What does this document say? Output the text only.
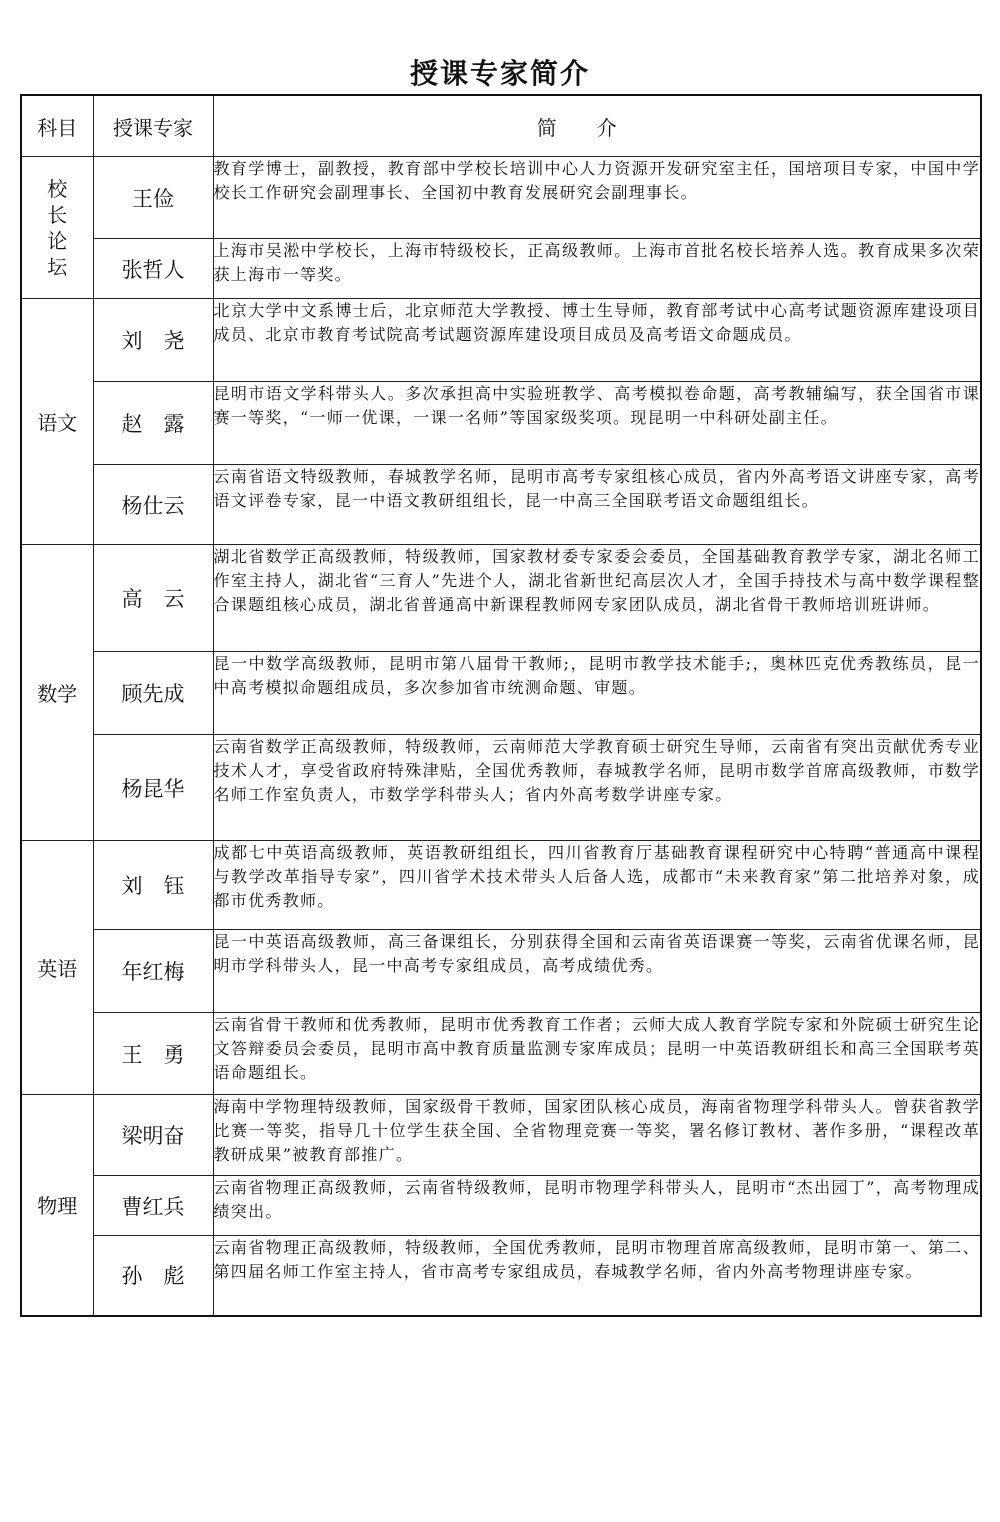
授课专家简介
科目	授课专家	简介
校长论坛	王俭	教育学博士，副教授，教育部中学校长培训中心人力资源开发研究室主任，国培项目专家，中国中学校长工作研究会副理事长、全国初中教育发展研究会副理事长。
	张哲人	上海市吴淞中学校长，上海市特级校长，正高级教师。上海市首批名校长培养人选。教育成果多次荣获上海市一等奖。
语文	刘　尧	北京大学中文系博士后，北京师范大学教授、博士生导师，教育部考试中心高考试题资源库建设项目成员、北京市教育考试院高考试题资源库建设项目成员及高考语文命题成员。
	赵　露	昆明市语文学科带头人。多次承担高中实验班教学、高考模拟卷命题，高考教辅编写，获全国省市课赛一等奖，“一师一优课，一课一名师”等国家级奖项。现昆明一中科研处副主任。
	杨仕云	云南省语文特级教师，春城教学名师，昆明市高考专家组核心成员，省内外高考语文讲座专家，高考语文评卷专家，昆一中语文教研组组长，昆一中高三全国联考语文命题组组长。
数学	高　云	湖北省数学正高级教师，特级教师，国家教材委专家委会委员，全国基础教育教学专家，湖北名师工作室主持人，湖北省“三育人”先进个人，湖北省新世纪高层次人才，全国手持技术与高中数学课程整合课题组核心成员，湖北省普通高中新课程教师网专家团队成员，湖北省骨干教师培训班讲师。
	顾先成	昆一中数学高级教师，昆明市第八届骨干教师;，昆明市教学技术能手;，奥林匹克优秀教练员，昆一中高考模拟命题组成员，多次参加省市统测命题、审题。
	杨昆华	云南省数学正高级教师，特级教师，云南师范大学教育硕士研究生导师，云南省有突出贡献优秀专业技术人才，享受省政府特殊津贴，全国优秀教师，春城教学名师，昆明市数学首席高级教师，市数学名师工作室负责人，市数学学科带头人；省内外高考数学讲座专家。
英语	刘　钰	成都七中英语高级教师，英语教研组组长，四川省教育厅基础教育课程研究中心特聘“普通高中课程与教学改革指导专家”，四川省学术技术带头人后备人选，成都市“未来教育家”第二批培养对象，成都市优秀教师。
	年红梅	昆一中英语高级教师，高三备课组长，分别获得全国和云南省英语课赛一等奖，云南省优课名师，昆明市学科带头人，昆一中高考专家组成员，高考成绩优秀。
	王　勇	云南省骨干教师和优秀教师，昆明市优秀教育工作者；云师大成人教育学院专家和外院硕士研究生论文答辩委员会委员，昆明市高中教育质量监测专家库成员；昆明一中英语教研组长和高三全国联考英语命题组长。
物理	梁明奋	海南中学物理特级教师，国家级骨干教师，国家团队核心成员，海南省物理学科带头人。曾获省教学比赛一等奖，指导几十位学生获全国、全省物理竞赛一等奖，署名修订教材、著作多册，“课程改革教研成果”被教育部推广。
	曹红兵	云南省物理正高级教师，云南省特级教师，昆明市物理学科带头人，昆明市“杰出园丁”，高考物理成绩突出。
	孙　彪	云南省物理正高级教师，特级教师，全国优秀教师，昆明市物理首席高级教师，昆明市第一、第二、第四届名师工作室主持人，省市高考专家组成员，春城教学名师，省内外高考物理讲座专家。
